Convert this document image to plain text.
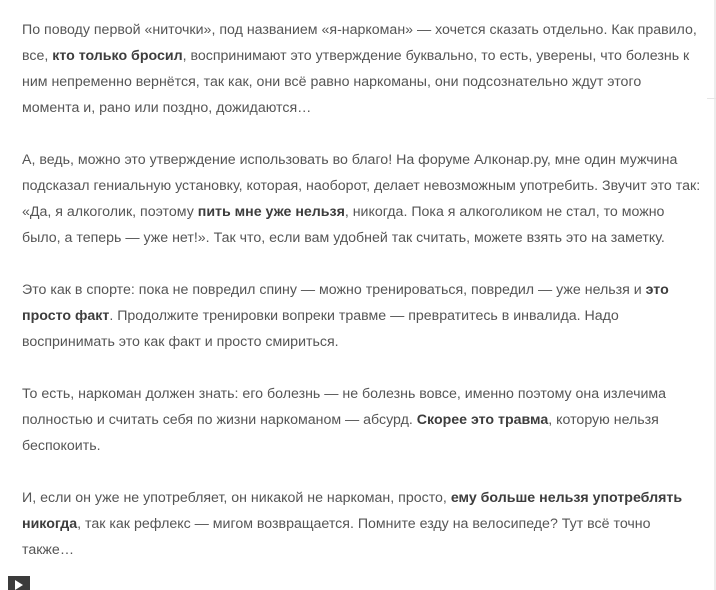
По поводу первой «ниточки», под названием «я-наркоман» — хочется сказать отдельно. Как правило, все, кто только бросил, воспринимают это утверждение буквально, то есть, уверены, что болезнь к ним непременно вернётся, так как, они всё равно наркоманы, они подсознательно ждут этого момента и, рано или поздно, дожидаются…

А, ведь, можно это утверждение использовать во благо! На форуме Алконар.ру, мне один мужчина подсказал гениальную установку, которая, наоборот, делает невозможным употребить. Звучит это так: «Да, я алкоголик, поэтому пить мне уже нельзя, никогда. Пока я алкоголиком не стал, то можно было, а теперь — уже нет!». Так что, если вам удобней так считать, можете взять это на заметку.

Это как в спорте: пока не повредил спину — можно тренироваться, повредил — уже нельзя и это просто факт. Продолжите тренировки вопреки травме — превратитесь в инвалида. Надо воспринимать это как факт и просто смириться.

То есть, наркоман должен знать: его болезнь — не болезнь вовсе, именно поэтому она излечима полностью и считать себя по жизни наркоманом — абсурд. Скорее это травма, которую нельзя беспокоить.

И, если он уже не употребляет, он никакой не наркоман, просто, ему больше нельзя употреблять никогда, так как рефлекс — мигом возвращается. Помните езду на велосипеде? Тут всё точно также…
